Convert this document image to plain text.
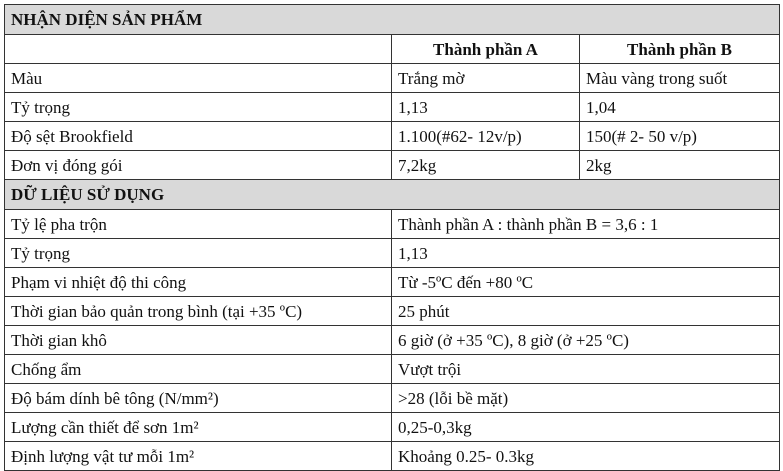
NHẬN DIỆN SẢN PHẨM		
	Thành phần A	Thành phần B
Màu	Trắng mờ	Màu vàng trong suốt
Tỷ trọng	1,13	1,04
Độ sệt Brookfield	1.100(#62- 12v/p)	150(# 2- 50 v/p)
Đơn vị đóng gói	7,2kg	2kg
DỮ LIỆU SỬ DỤNG		
Tỷ lệ pha trộn	Thành phần A : thành phần B = 3,6 : 1	
Tỷ trọng	1,13	
Phạm vi nhiệt độ thi công	Từ -5ºC đến +80 ºC	
Thời gian bảo quản trong bình (tại +35 ºC)	25 phút	
Thời gian khô	6 giờ (ở +35 ºC), 8 giờ (ở +25 ºC)	
Chống ẩm	Vượt trội	
Độ bám dính bê tông (N/mm²)	>28 (lỗi bề mặt)	
Lượng cần thiết để sơn 1m²	0,25-0,3kg	
Định lượng vật tư mỗi 1m²	Khoảng 0.25- 0.3kg	
